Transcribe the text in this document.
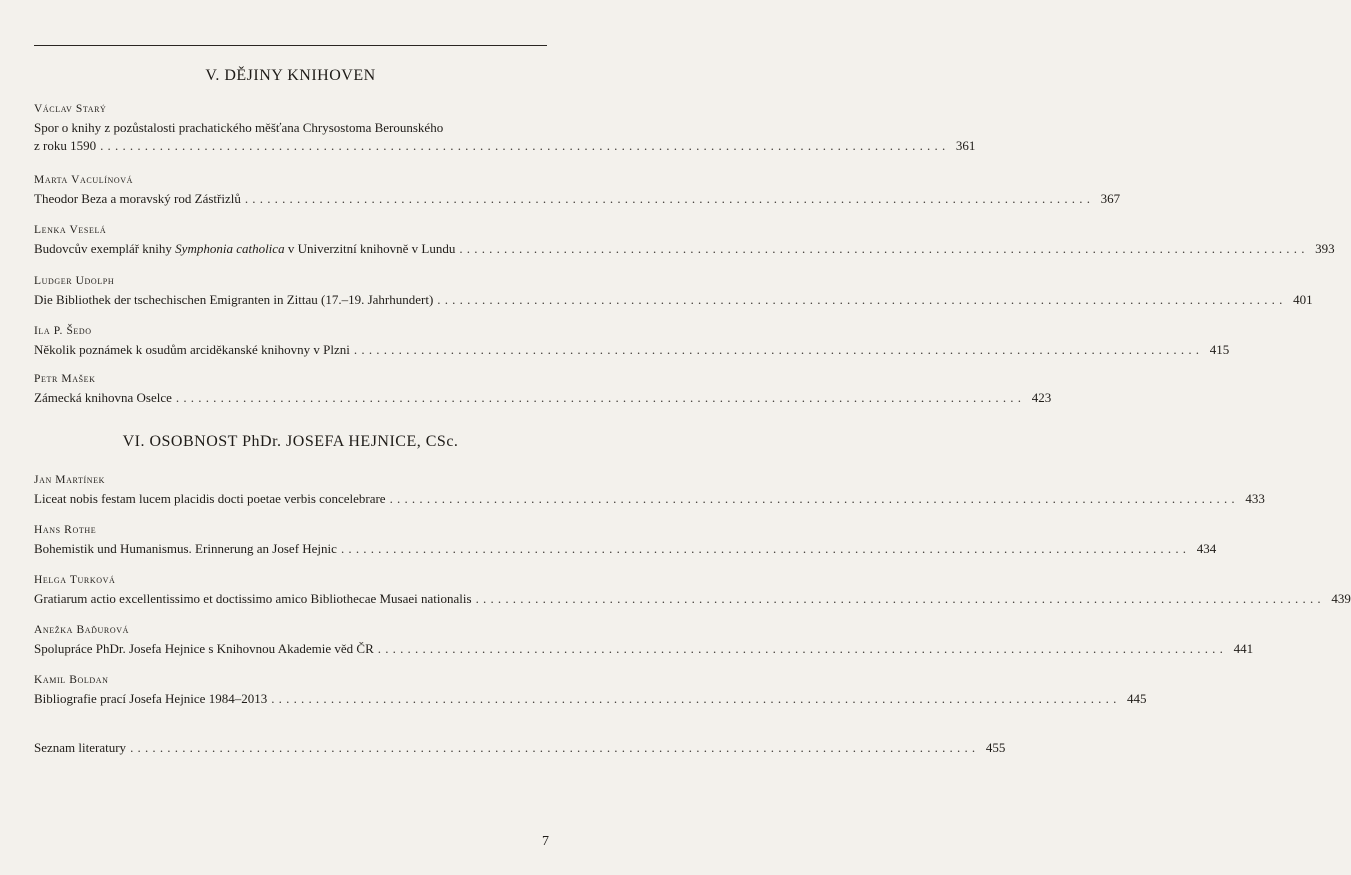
V. DĚJINY KNIHOVEN
Václav Starý
Spor o knihy z pozůstalosti prachatického měšťana Chrysostoma Berounského
z roku 1590 .................................................................................................................. 361
Marta Vaculínová
Theodor Beza a moravský rod Zástřizlů .................................................................................................................. 367
Lenka Veselá
Budovcův exemplář knihy Symphonia catholica v Univerzitní knihovně v Lundu .................................................................................................................. 393
Ludger Udolph
Die Bibliothek der tschechischen Emigranten in Zittau (17.–19. Jahrhundert) .................................................................................................................. 401
Ila P. Šedo
Několik poznámek k osudům arciděkanské knihovny v Plzni .................................................................................................................. 415
Petr Mašek
Zámecká knihovna Oselce .................................................................................................................. 423
VI. OSOBNOST PhDr. JOSEFA HEJNICE, CSc.
Jan Martínek
Liceat nobis festam lucem placidis docti poetae verbis concelebrare .................................................................................................................. 433
Hans Rothe
Bohemistik und Humanismus. Erinnerung an Josef Hejnic .................................................................................................................. 434
Helga Turková
Gratiarum actio excellentissimo et doctissimo amico Bibliothecae Musaei nationalis .................................................................................................................. 439
Anežka Baďurová
Spolupráce PhDr. Josefa Hejnice s Knihovnou Akademie věd ČR .................................................................................................................. 441
Kamil Boldan
Bibliografie prací Josefa Hejnice 1984–2013 .................................................................................................................. 445
Seznam literatury .................................................................................................................. 455
7
